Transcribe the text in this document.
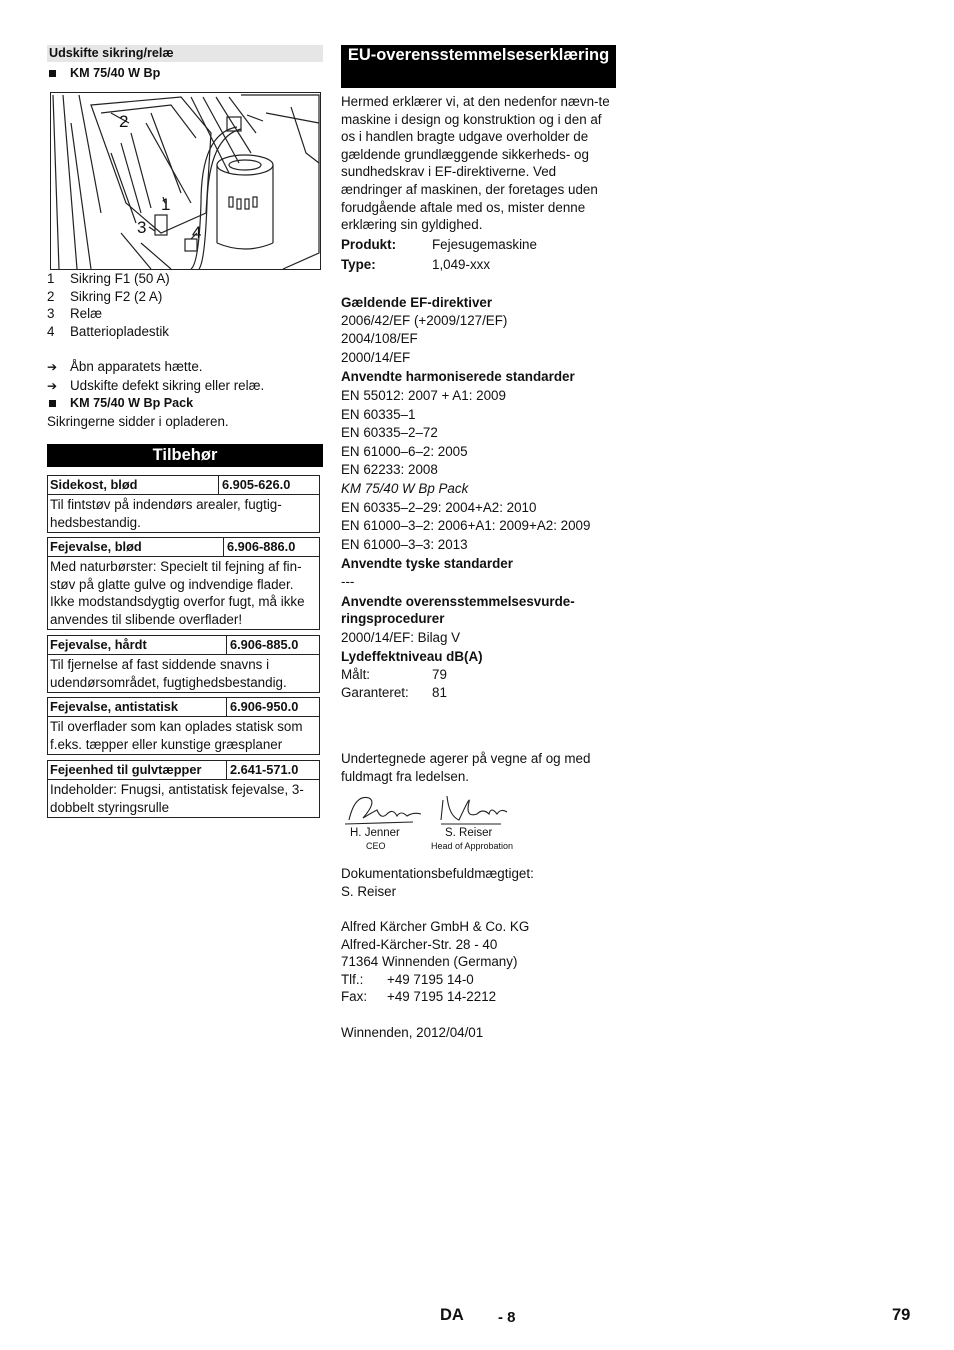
Udskifte sikring/relæ
KM 75/40 W Bp
2
1
3	4
1	Sikring F1 (50 A)
2	Sikring F2 (2 A)
3	Relæ
4	Batteriopladestik
➔ Åbn apparatets hætte.
➔ Udskifte defekt sikring eller relæ.
KM 75/40 W Bp Pack
Sikringerne sidder i opladeren.
Tilbehør
Sidekost, blød	6.905-626.0
Til fintstøv på indendørs arealer, fugtig-hedsbestandig.
Fejevalse, blød	6.906-886.0
Med naturbørster: Specielt til fejning af fin-støv på glatte gulve og indvendige flader. Ikke modstandsdygtig overfor fugt, må ikke anvendes til slibende overflader!
Fejevalse, hårdt	6.906-885.0
Til fjernelse af fast siddende snavns i udendørsområdet, fugtighedsbestandig.
Fejevalse, antistatisk	6.906-950.0
Til overflader som kan oplades statisk som f.eks. tæpper eller kunstige græsplaner
Fejeenhed til gulvtæpper	2.641-571.0
Indeholder: Fnugsi, antistatisk fejevalse, 3-dobbelt styringsrulle
EU-overensstemmelseserklæring
Hermed erklærer vi, at den nedenfor nævn-te maskine i design og konstruktion og i den af os i handlen bragte udgave overholder de gældende grundlæggende sikkerheds- og sundhedskrav i EF-direktiverne. Ved ændringer af maskinen, der foretages uden forudgående aftale med os, mister denne erklæring sin gyldighed.
Produkt:	Fejesugemaskine
Type:	1,049-xxx
Gældende EF-direktiver
2006/42/EF (+2009/127/EF)
2004/108/EF
2000/14/EF
Anvendte harmoniserede standarder
EN 55012: 2007 + A1: 2009
EN 60335–1
EN 60335–2–72
EN 61000–6–2: 2005
EN 62233: 2008
KM 75/40 W Bp Pack
EN 60335–2–29: 2004+A2: 2010
EN 61000–3–2: 2006+A1: 2009+A2: 2009
EN 61000–3–3: 2013
Anvendte tyske standarder
---
Anvendte overensstemmelsesvurde-ringsprocedurer
2000/14/EF: Bilag V
Lydeffektniveau dB(A)
Målt:	79
Garanteret:	81
Undertegnede agerer på vegne af og med fuldmagt fra ledelsen.
H. Jenner
CEO
S. Reiser
Head of Approbation
Dokumentationsbefuldmægtiget:
S. Reiser
Alfred Kärcher GmbH & Co. KG
Alfred-Kärcher-Str. 28 - 40
71364 Winnenden (Germany)
Tlf.:	+49 7195 14-0
Fax:	+49 7195 14-2212
Winnenden, 2012/04/01
DA - 8	79
